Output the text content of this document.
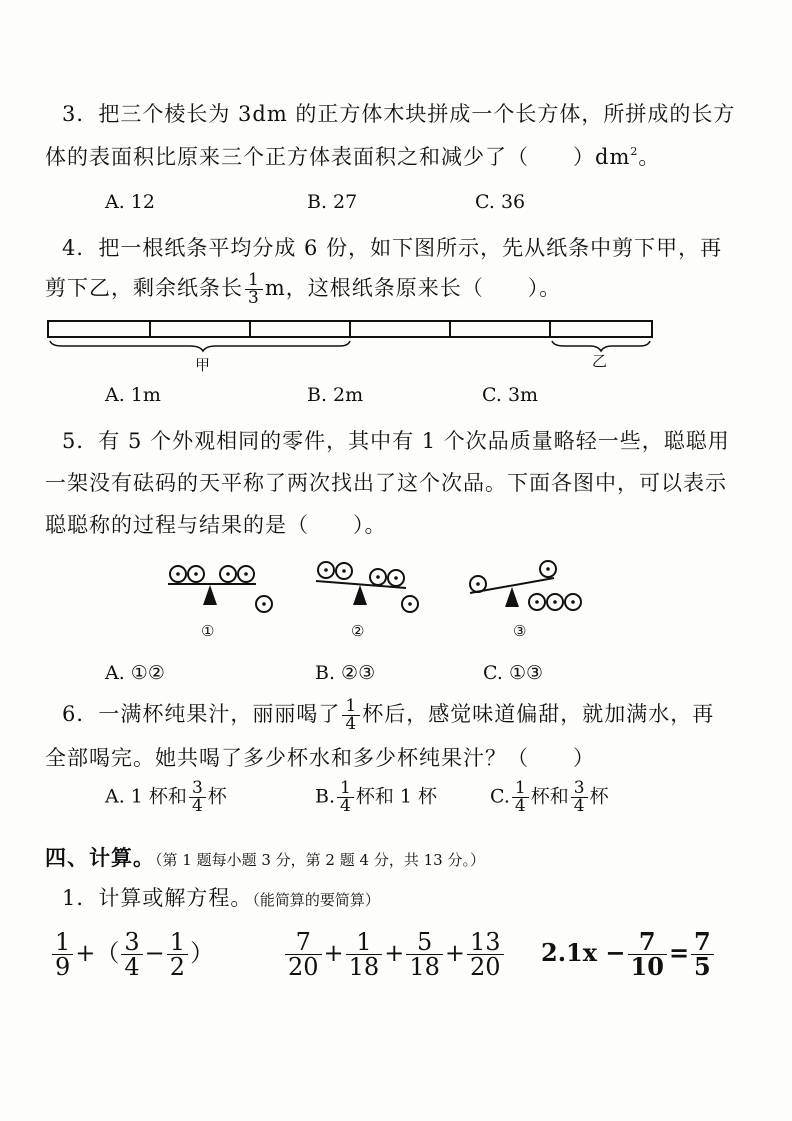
3．把三个棱长为 3dm 的正方体木块拼成一个长方体，所拼成的长方
体的表面积比原来三个正方体表面积之和减少了（　　）$dm^2$。
A. 12	B. 27	C. 36
4．把一根纸条平均分成 6 份，如下图所示，先从纸条中剪下甲，再
剪下乙，剩余纸条长 $\frac{1}{3}$ m，这根纸条原来长（　　）。
甲	乙
A. 1m	B. 2m	C. 3m
5．有 5 个外观相同的零件，其中有 1 个次品质量略轻一些，聪聪用
一架没有砝码的天平称了两次找出了这个次品。下面各图中，可以表示
聪聪称的过程与结果的是（　　）。
①	②	③
A. ①②	B. ②③	C. ①③
6．一满杯纯果汁，丽丽喝了 $\frac{1}{4}$ 杯后，感觉味道偏甜，就加满水，再
全部喝完。她共喝了多少杯水和多少杯纯果汁？（　　）
A. 1 杯和 $\frac{3}{4}$ 杯	B. $\frac{1}{4}$ 杯和 1 杯	C. $\frac{1}{4}$ 杯和 $\frac{3}{4}$ 杯
四、计算。（第 1 题每小题 3 分，第 2 题 4 分，共 13 分。）
1．计算或解方程。（能简算的要简算）
$\frac{1}{9}$ +（ $\frac{3}{4} - \frac{1}{2}$ ）	$\frac{7}{20} + \frac{1}{18} + \frac{5}{18} + \frac{13}{20} 2.1x - \frac{7}{10} = \frac{7}{5}$
